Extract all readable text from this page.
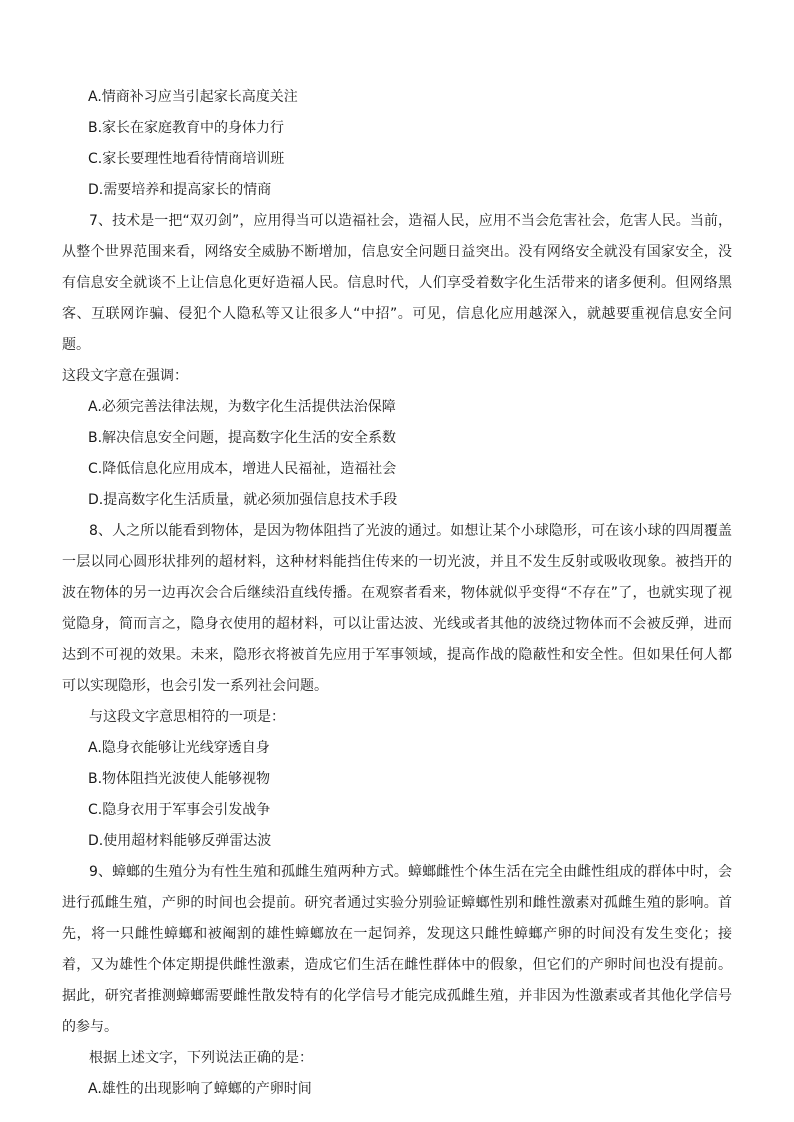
A.情商补习应当引起家长高度关注

B.家长在家庭教育中的身体力行

C.家长要理性地看待情商培训班

D.需要培养和提高家长的情商

7、技术是一把“双刃剑”，应用得当可以造福社会，造福人民，应用不当会危害社会，危害人民。当前，从整个世界范围来看，网络安全威胁不断增加，信息安全问题日益突出。没有网络安全就没有国家安全，没有信息安全就谈不上让信息化更好造福人民。信息时代，人们享受着数字化生活带来的诸多便利。但网络黑客、互联网诈骗、侵犯个人隐私等又让很多人“中招”。可见，信息化应用越深入，就越要重视信息安全问题。

这段文字意在强调：

A.必须完善法律法规，为数字化生活提供法治保障

B.解决信息安全问题，提高数字化生活的安全系数

C.降低信息化应用成本，增进人民福祉，造福社会

D.提高数字化生活质量，就必须加强信息技术手段

8、人之所以能看到物体，是因为物体阻挡了光波的通过。如想让某个小球隐形，可在该小球的四周覆盖一层以同心圆形状排列的超材料，这种材料能挡住传来的一切光波，并且不发生反射或吸收现象。被挡开的波在物体的另一边再次会合后继续沿直线传播。在观察者看来，物体就似乎变得“不存在”了，也就实现了视觉隐身，简而言之，隐身衣使用的超材料，可以让雷达波、光线或者其他的波绕过物体而不会被反弹，进而达到不可视的效果。未来，隐形衣将被首先应用于军事领域，提高作战的隐蔽性和安全性。但如果任何人都可以实现隐形，也会引发一系列社会问题。

与这段文字意思相符的一项是：

A.隐身衣能够让光线穿透自身

B.物体阻挡光波使人能够视物

C.隐身衣用于军事会引发战争

D.使用超材料能够反弹雷达波

9、蟑螂的生殖分为有性生殖和孤雌生殖两种方式。蟑螂雌性个体生活在完全由雌性组成的群体中时，会进行孤雌生殖，产卵的时间也会提前。研究者通过实验分别验证蟑螂性别和雌性激素对孤雌生殖的影响。首先，将一只雌性蟑螂和被阉割的雄性蟑螂放在一起饲养，发现这只雌性蟑螂产卵的时间没有发生变化；接着，又为雄性个体定期提供雌性激素，造成它们生活在雌性群体中的假象，但它们的产卵时间也没有提前。据此，研究者推测蟑螂需要雌性散发特有的化学信号才能完成孤雌生殖，并非因为性激素或者其他化学信号的参与。

根据上述文字，下列说法正确的是：

A.雄性的出现影响了蟑螂的产卵时间
